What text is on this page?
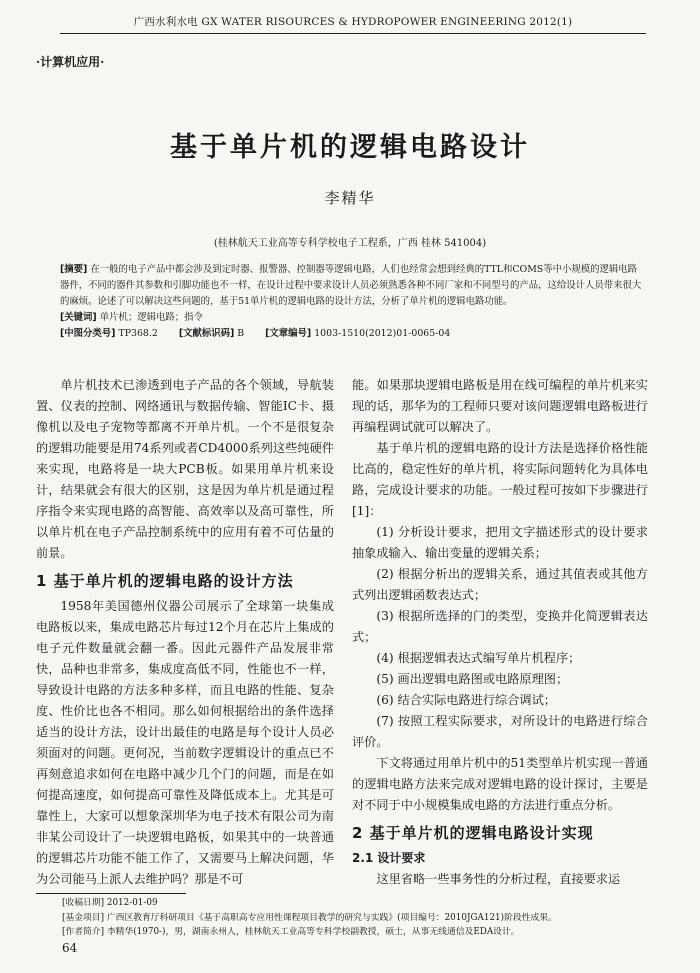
广西水利水电 GX WATER RISOURCES & HYDROPOWER ENGINEERING 2012(1)
·计算机应用·
基于单片机的逻辑电路设计
李精华
(桂林航天工业高等专科学校电子工程系，广西 桂林 541004)

[摘要] 在一般的电子产品中都会涉及到定时器、报警器、控制器等逻辑电路，人们也经常会想到经典的TTL和COMS等中小规模的逻辑电路器件，不同的器件其参数和引脚功能也不一样，在设计过程中要求设计人员必须熟悉各种不同厂家和不同型号的产品，这给设计人员带来很大的麻烦。论述了可以解决这些问题的，基于51单片机的逻辑电路的设计方法，分析了单片机的逻辑电路功能。

[关键词] 单片机；逻辑电路；指令

[中图分类号] TP368.2 [文献标识码] B [文章编号] 1003-1510(2012)01-0065-04

单片机技术已渗透到电子产品的各个领域，导航装置、仪表的控制、网络通讯与数据传输、智能IC卡、摄像机以及电子宠物等都离不开单片机。一个不是很复杂的逻辑功能要是用74系列或者CD4000系列这些纯硬件来实现，电路将是一块大PCB板。如果用单片机来设计，结果就会有很大的区别，这是因为单片机是通过程序指令来实现电路的高智能、高效率以及高可靠性，所以单片机在电子产品控制系统中的应用有着不可估量的前景。

1 基于单片机的逻辑电路的设计方法

1958年美国德州仪器公司展示了全球第一块集成电路板以来，集成电路芯片每过12个月在芯片上集成的电子元件数量就会翻一番。因此元器件产品发展非常快，品种也非常多，集成度高低不同，性能也不一样，导致设计电路的方法多种多样，而且电路的性能、复杂度、性价比也各不相同。那么如何根据给出的条件选择适当的设计方法，设计出最佳的电路是每个设计人员必须面对的问题。更何况，当前数字逻辑设计的重点已不再刻意追求如何在电路中减少几个门的问题，而是在如何提高速度，如何提高可靠性及降低成本上。尤其是可靠性上，大家可以想象深圳华为电子技术有限公司为南非某公司设计了一块逻辑电路板，如果其中的一块普通的逻辑芯片功能不能工作了，又需要马上解决问题，华为公司能马上派人去维护吗？那是不可

能。如果那块逻辑电路板是用在线可编程的单片机来实现的话，那华为的工程师只要对该问题逻辑电路板进行再编程调试就可以解决了。

基于单片机的逻辑电路的设计方法是选择价格性能比高的，稳定性好的单片机，将实际问题转化为具体电路，完成设计要求的功能。一般过程可按如下步骤进行[1]：

(1) 分析设计要求，把用文字描述形式的设计要求抽象成输入、输出变量的逻辑关系；

(2) 根据分析出的逻辑关系，通过其值表或其他方式列出逻辑函数表达式；

(3) 根据所选择的门的类型，变换并化简逻辑表达式；

(4) 根据逻辑表达式编写单片机程序；

(5) 画出逻辑电路图或电路原理图；

(6) 结合实际电路进行综合调试；

(7) 按照工程实际要求，对所设计的电路进行综合评价。

下文将通过用单片机中的51类型单片机实现一普通的逻辑电路方法来完成对逻辑电路的设计探讨，主要是对不同于中小规模集成电路的方法进行重点分析。

2 基于单片机的逻辑电路设计实现

2.1 设计要求

这里省略一些事务性的分析过程，直接要求运

[收稿日期] 2012-01-09

[基金项目] 广西区教育厅科研项目《基于高职高专应用性课程项目教学的研究与实践》(项目编号：2010JGA121)阶段性成果。

[作者简介] 李精华(1970-)，男，湖南永州人，桂林航天工业高等专科学校副教授，硕士，从事无线通信及EDA设计。

64
